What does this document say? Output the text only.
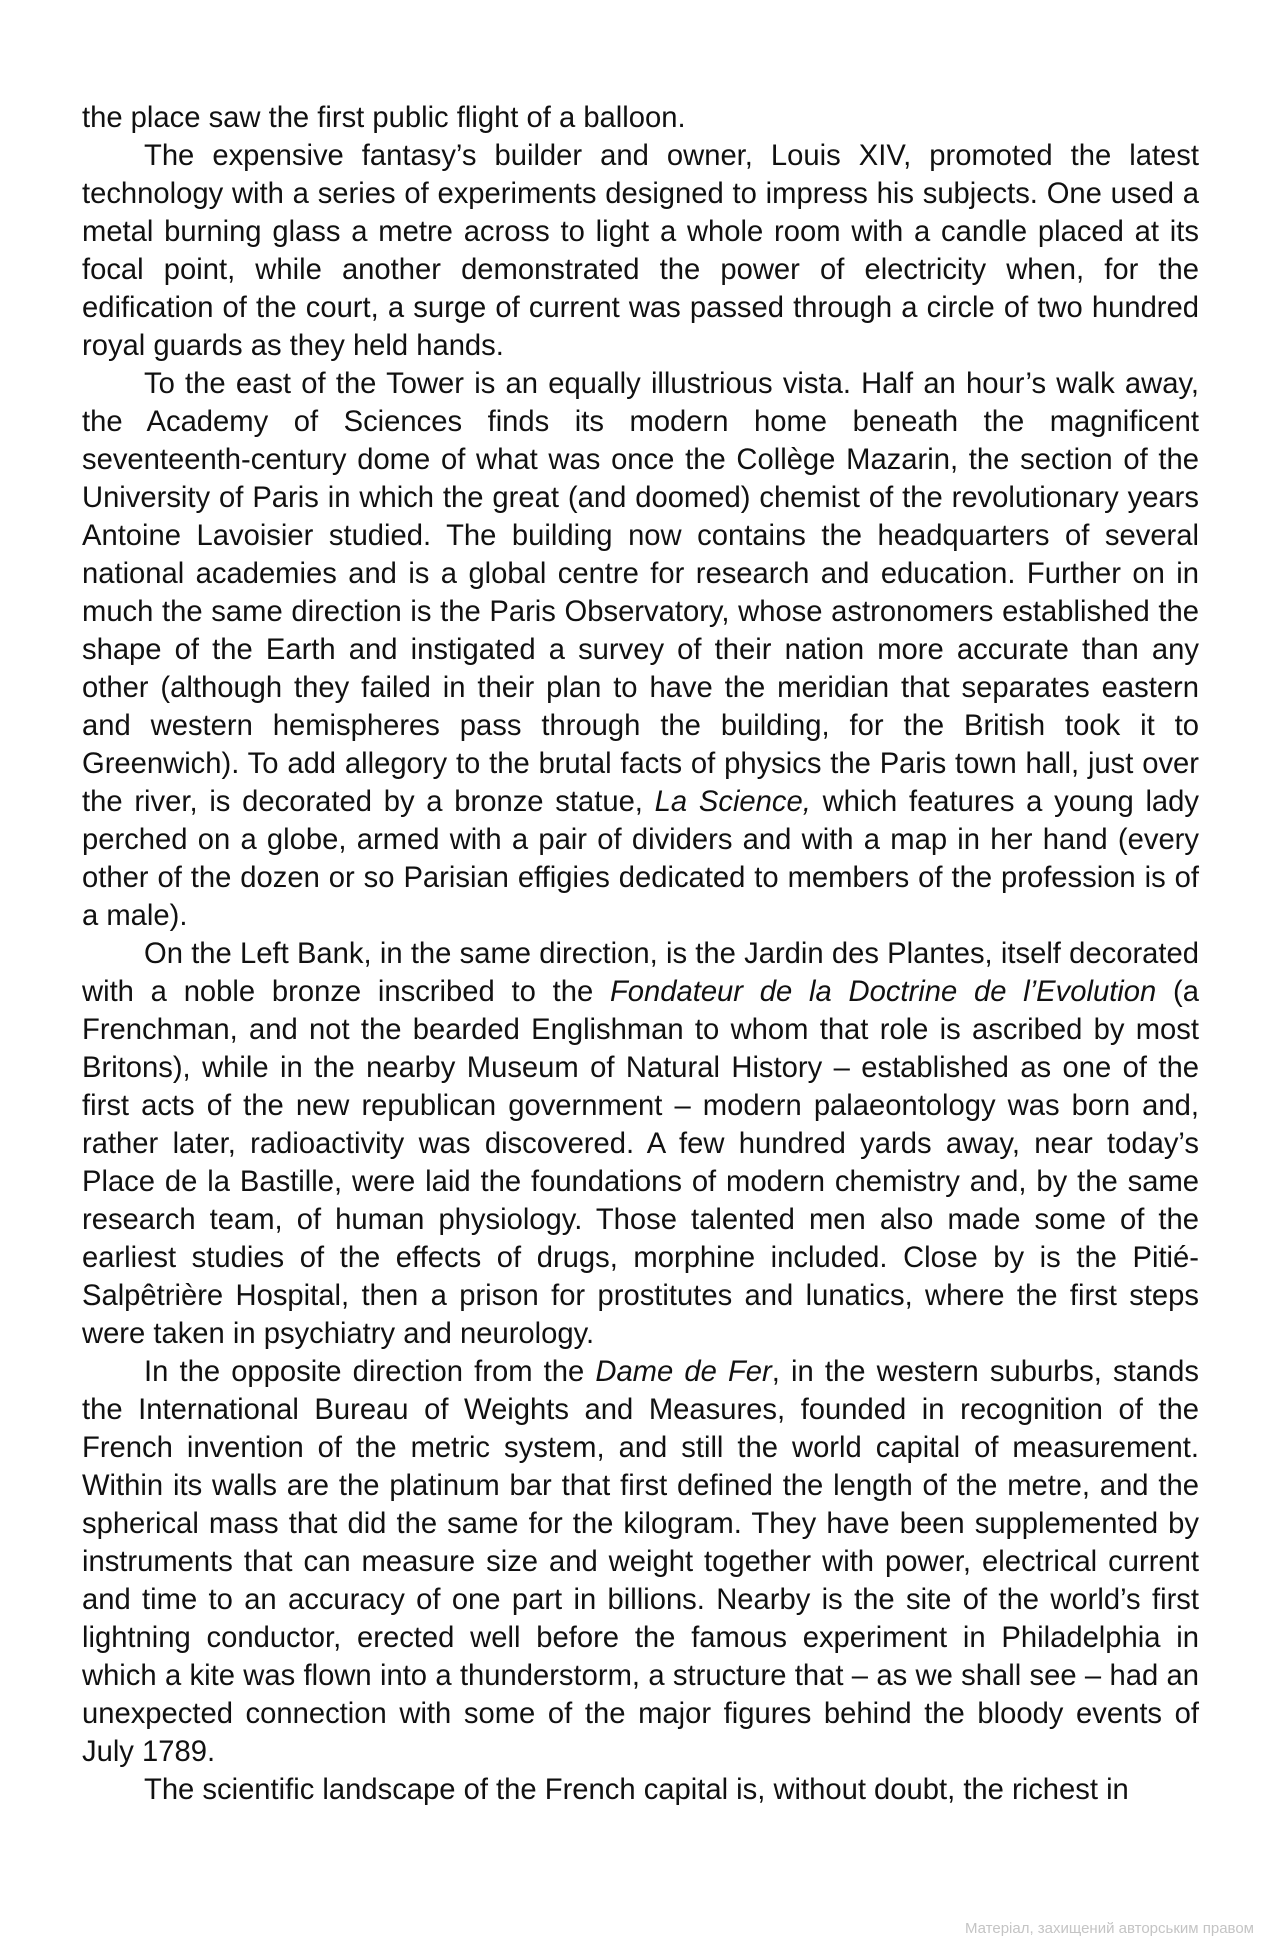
the place saw the first public flight of a balloon.

The expensive fantasy’s builder and owner, Louis XIV, promoted the latest technology with a series of experiments designed to impress his subjects. One used a metal burning glass a metre across to light a whole room with a candle placed at its focal point, while another demonstrated the power of electricity when, for the edification of the court, a surge of current was passed through a circle of two hundred royal guards as they held hands.

To the east of the Tower is an equally illustrious vista. Half an hour’s walk away, the Academy of Sciences finds its modern home beneath the magnificent seventeenth-century dome of what was once the Collège Mazarin, the section of the University of Paris in which the great (and doomed) chemist of the revolutionary years Antoine Lavoisier studied. The building now contains the headquarters of several national academies and is a global centre for research and education. Further on in much the same direction is the Paris Observatory, whose astronomers established the shape of the Earth and instigated a survey of their nation more accurate than any other (although they failed in their plan to have the meridian that separates eastern and western hemispheres pass through the building, for the British took it to Greenwich). To add allegory to the brutal facts of physics the Paris town hall, just over the river, is decorated by a bronze statue, La Science, which features a young lady perched on a globe, armed with a pair of dividers and with a map in her hand (every other of the dozen or so Parisian effigies dedicated to members of the profession is of a male).

On the Left Bank, in the same direction, is the Jardin des Plantes, itself decorated with a noble bronze inscribed to the Fondateur de la Doctrine de l’Evolution (a Frenchman, and not the bearded Englishman to whom that role is ascribed by most Britons), while in the nearby Museum of Natural History – established as one of the first acts of the new republican government – modern palaeontology was born and, rather later, radioactivity was discovered. A few hundred yards away, near today’s Place de la Bastille, were laid the foundations of modern chemistry and, by the same research team, of human physiology. Those talented men also made some of the earliest studies of the effects of drugs, morphine included. Close by is the Pitié-Salpêtrière Hospital, then a prison for prostitutes and lunatics, where the first steps were taken in psychiatry and neurology.

In the opposite direction from the Dame de Fer, in the western suburbs, stands the International Bureau of Weights and Measures, founded in recognition of the French invention of the metric system, and still the world capital of measurement. Within its walls are the platinum bar that first defined the length of the metre, and the spherical mass that did the same for the kilogram. They have been supplemented by instruments that can measure size and weight together with power, electrical current and time to an accuracy of one part in billions. Nearby is the site of the world’s first lightning conductor, erected well before the famous experiment in Philadelphia in which a kite was flown into a thunderstorm, a structure that – as we shall see – had an unexpected connection with some of the major figures behind the bloody events of July 1789.

The scientific landscape of the French capital is, without doubt, the richest in

Матеріал, захищений авторським правом
